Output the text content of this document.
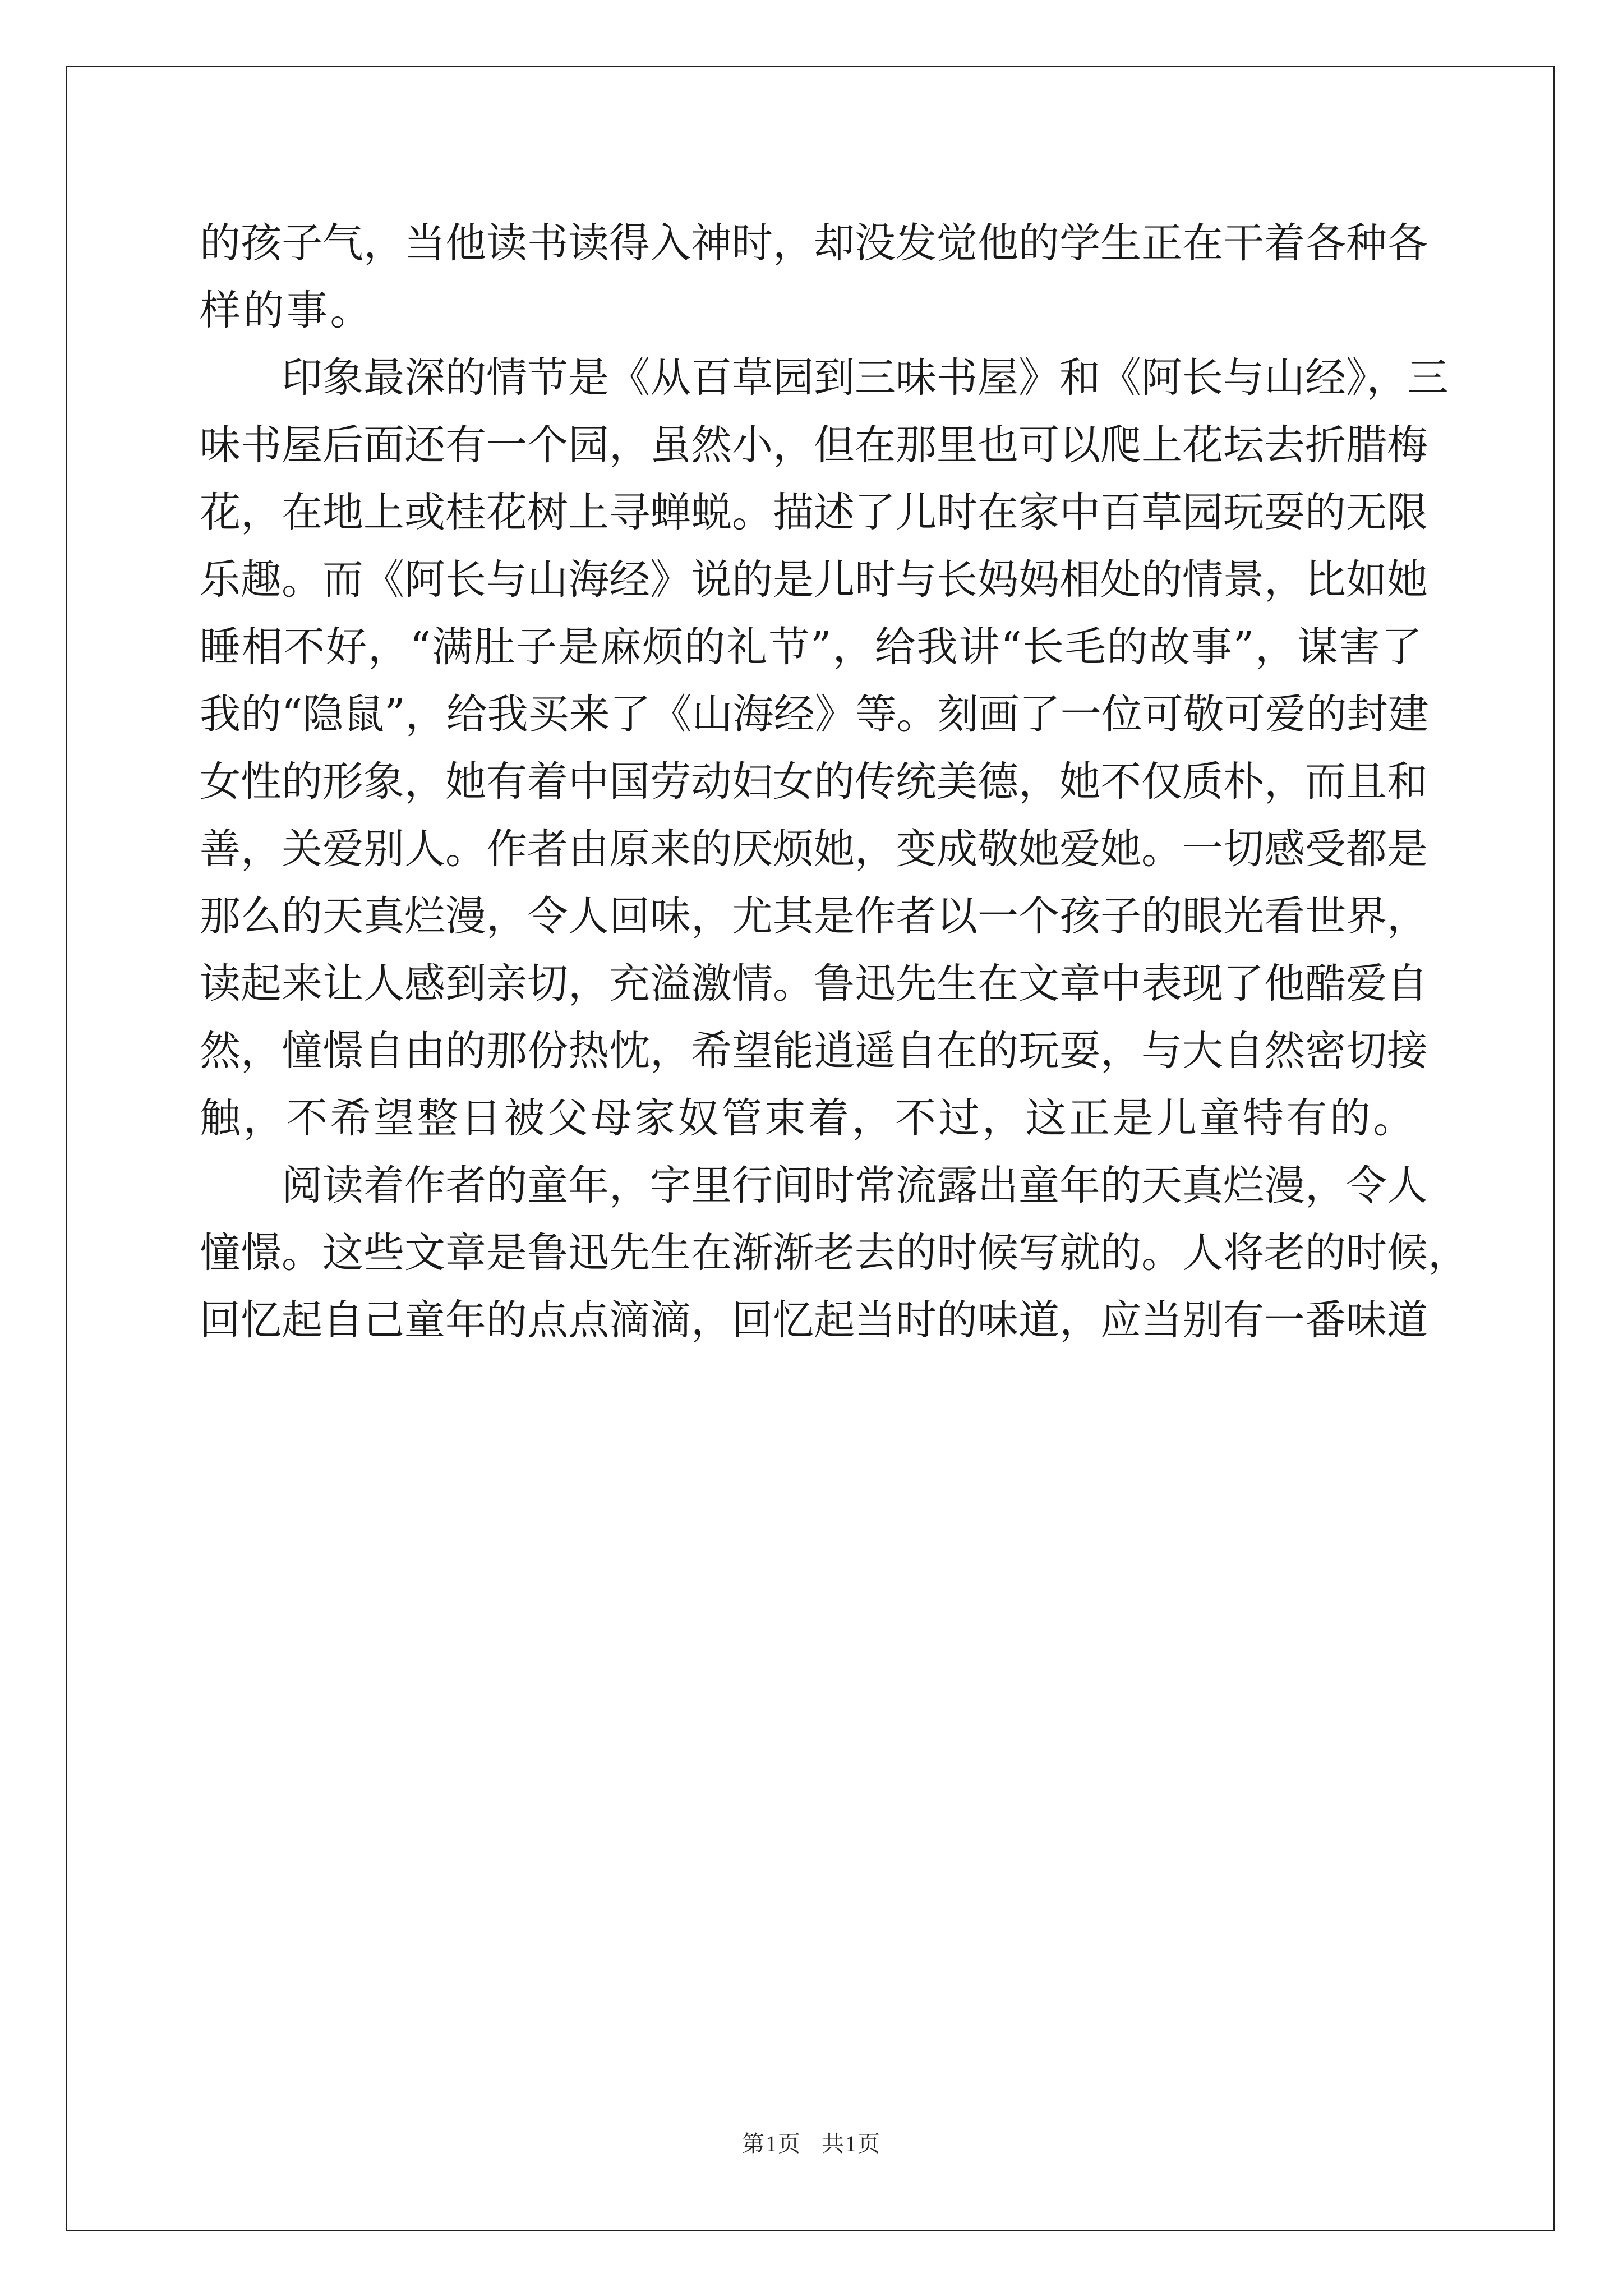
的孩子气，当他读书读得入神时，却没发觉他的学生正在干着各种各
样的事。
　　印象最深的情节是《从百草园到三味书屋》和《阿长与山经》，三
味书屋后面还有一个园，虽然小，但在那里也可以爬上花坛去折腊梅
花，在地上或桂花树上寻蝉蜕。描述了儿时在家中百草园玩耍的无限
乐趣。而《阿长与山海经》说的是儿时与长妈妈相处的情景，比如她
睡相不好，“满肚子是麻烦的礼节”，给我讲“长毛的故事”，谋害了
我的“隐鼠”，给我买来了《山海经》等。刻画了一位可敬可爱的封建
女性的形象，她有着中国劳动妇女的传统美德，她不仅质朴，而且和
善，关爱别人。作者由原来的厌烦她，变成敬她爱她。一切感受都是
那么的天真烂漫，令人回味，尤其是作者以一个孩子的眼光看世界，
读起来让人感到亲切，充溢激情。鲁迅先生在文章中表现了他酷爱自
然，憧憬自由的那份热忱，希望能逍遥自在的玩耍，与大自然密切接
触，不希望整日被父母家奴管束着，不过，这正是儿童特有的。
　　阅读着作者的童年，字里行间时常流露出童年的天真烂漫，令人
憧憬。这些文章是鲁迅先生在渐渐老去的时候写就的。人将老的时候，
回忆起自己童年的点点滴滴，回忆起当时的味道，应当别有一番味道
第1页 共1页
